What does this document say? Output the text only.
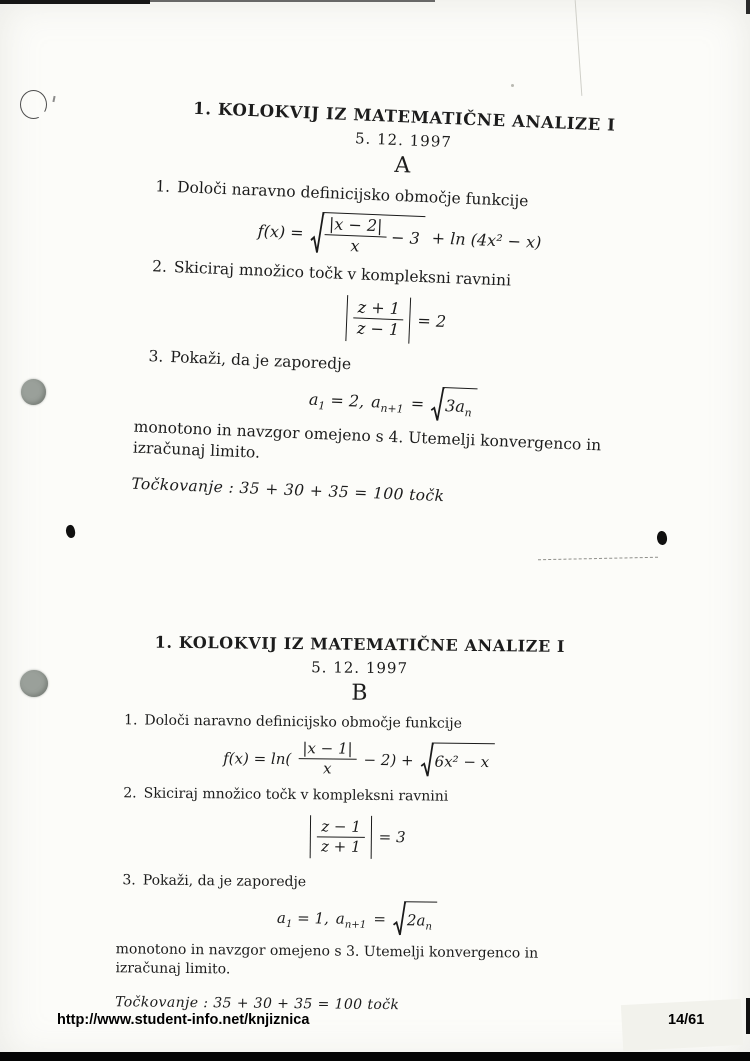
1. KOLOKVIJ IZ MATEMATIČNE ANALIZE I
5. 12. 1997
A
1. Določi naravno definicijsko območje funkcije
$f(x) = \frac{|x - 2|}{x} - 3 + \ln (4x^2 - x)$
2. Skiciraj množico točk v kompleksni ravnini
$\frac{z + 1}{z - 1} = 2$
3. Pokaži, da je zaporedje
$a_1 = 2$, $a_{n+1} = 3a_n$
monotono in navzgor omejeno s 4. Utemelji konvergenco in izračunaj limito.
Točkovanje : 35 + 30 + 35 = 100 točk
1. KOLOKVIJ IZ MATEMATIČNE ANALIZE I
5. 12. 1997
B
1. Določi naravno definicijsko območje funkcije
$f(x) = \ln( \frac{|x - 1|}{x} - 2) + 6x^2 - x$
2. Skiciraj množico točk v kompleksni ravnini
$\frac{z - 1}{z + 1} = 3$
3. Pokaži, da je zaporedje
$a_1 = 1$, $a_{n+1} = 2a_n$
monotono in navzgor omejeno s 3. Utemelji konvergenco in izračunaj limito.
Točkovanje : 35 + 30 + 35 = 100 točk
http://www.student-info.net/knjiznica	14/61
